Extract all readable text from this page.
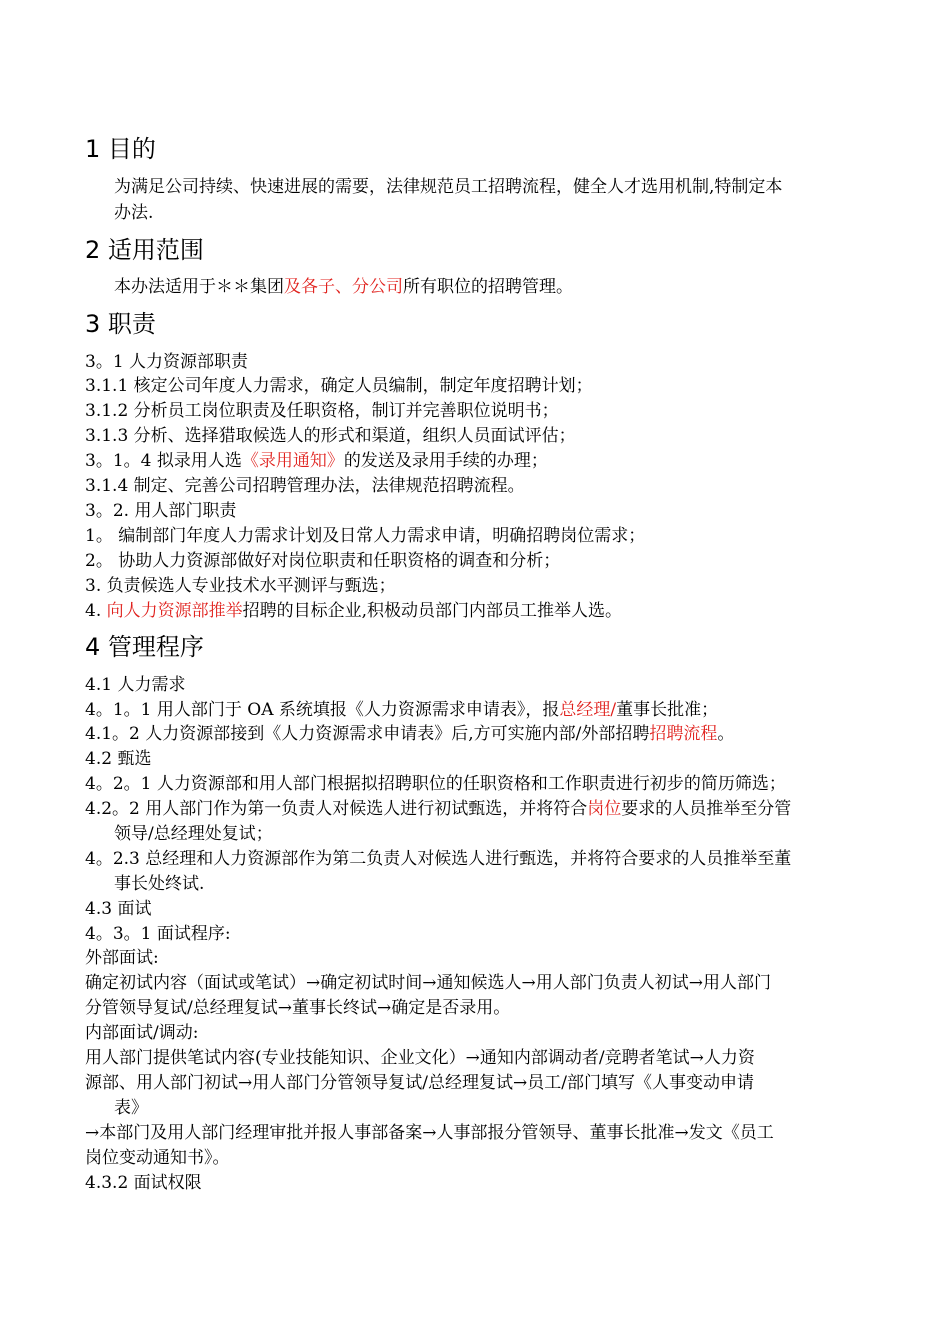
1 目的
为满足公司持续、快速进展的需要，法律规范员工招聘流程，健全人才选用机制,特制定本
办法.
2 适用范围
本办法适用于＊＊集团及各子、分公司所有职位的招聘管理。
3 职责
3。1 人力资源部职责
3.1.1 核定公司年度人力需求，确定人员编制，制定年度招聘计划；
3.1.2 分析员工岗位职责及任职资格，制订并完善职位说明书；
3.1.3 分析、选择猎取候选人的形式和渠道，组织人员面试评估；
3。1。4 拟录用人选《录用通知》的发送及录用手续的办理；
3.1.4 制定、完善公司招聘管理办法，法律规范招聘流程。
3。2. 用人部门职责
1。 编制部门年度人力需求计划及日常人力需求申请，明确招聘岗位需求；
2。 协助人力资源部做好对岗位职责和任职资格的调查和分析；
3. 负责候选人专业技术水平测评与甄选；
4. 向人力资源部推举招聘的目标企业,积极动员部门内部员工推举人选。
4 管理程序
4.1 人力需求
4。1。1 用人部门于 OA 系统填报《人力资源需求申请表》，报总经理/董事长批准；
4.1。2 人力资源部接到《人力资源需求申请表》后,方可实施内部/外部招聘招聘流程。
4.2 甄选
4。2。1 人力资源部和用人部门根据拟招聘职位的任职资格和工作职责进行初步的简历筛选；
4.2。2 用人部门作为第一负责人对候选人进行初试甄选，并将符合岗位要求的人员推举至分管
领导/总经理处复试；
4。2.3 总经理和人力资源部作为第二负责人对候选人进行甄选，并将符合要求的人员推举至董
事长处终试.
4.3 面试
4。3。1 面试程序:
外部面试:
确定初试内容（面试或笔试）→确定初试时间→通知候选人→用人部门负责人初试→用人部门
分管领导复试/总经理复试→董事长终试→确定是否录用。
内部面试/调动:
用人部门提供笔试内容(专业技能知识、企业文化）→通知内部调动者/竞聘者笔试→人力资
源部、用人部门初试→用人部门分管领导复试/总经理复试→员工/部门填写《人事变动申请
表》
→本部门及用人部门经理审批并报人事部备案→人事部报分管领导、董事长批准→发文《员工
岗位变动通知书》。
4.3.2 面试权限
